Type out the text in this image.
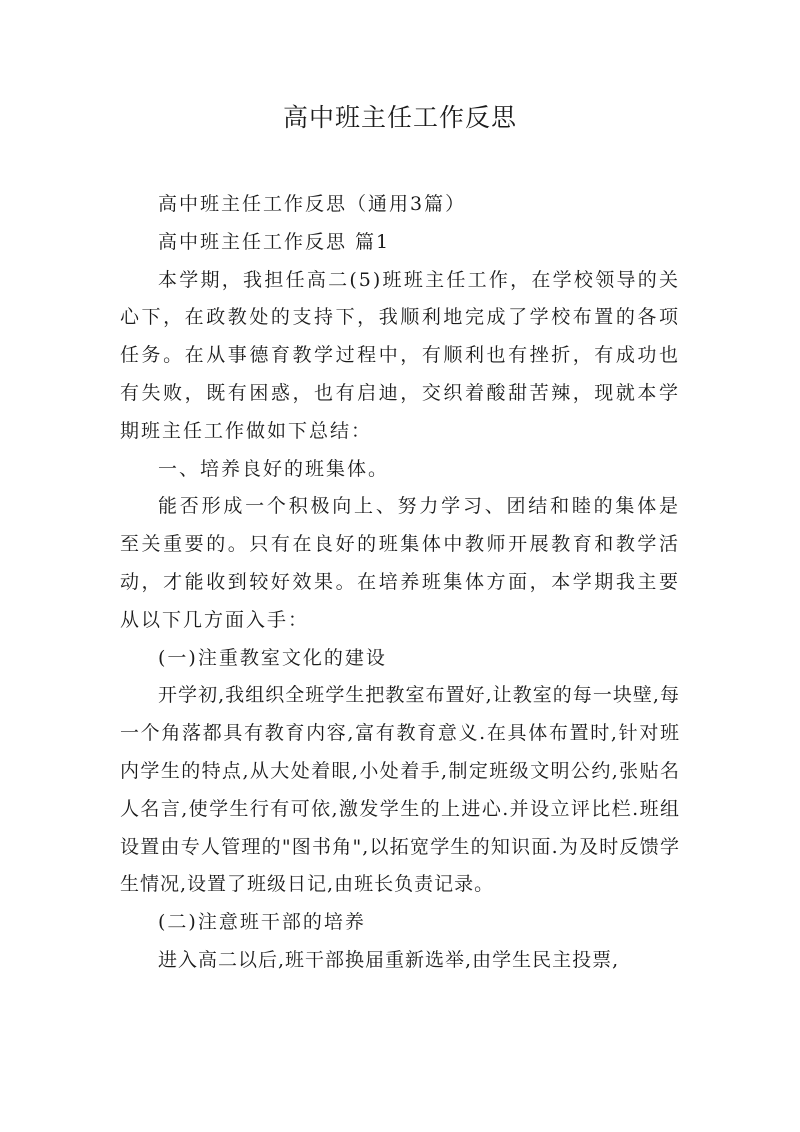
高中班主任工作反思

高中班主任工作反思（通用3篇）

高中班主任工作反思 篇1

本学期，我担任高二(5)班班主任工作，在学校领导的关心下，在政教处的支持下，我顺利地完成了学校布置的各项任务。在从事德育教学过程中，有顺利也有挫折，有成功也有失败，既有困惑，也有启迪，交织着酸甜苦辣，现就本学期班主任工作做如下总结：

一、培养良好的班集体。

能否形成一个积极向上、努力学习、团结和睦的集体是至关重要的。只有在良好的班集体中教师开展教育和教学活动，才能收到较好效果。在培养班集体方面，本学期我主要从以下几方面入手：

(一)注重教室文化的建设

开学初,我组织全班学生把教室布置好,让教室的每一块壁,每一个角落都具有教育内容,富有教育意义.在具体布置时,针对班内学生的特点,从大处着眼,小处着手,制定班级文明公约,张贴名人名言,使学生行有可依,激发学生的上进心.并设立评比栏.班组设置由专人管理的"图书角",以拓宽学生的知识面.为及时反馈学生情况,设置了班级日记,由班长负责记录。

(二)注意班干部的培养

进入高二以后,班干部换届重新选举,由学生民主投票,
